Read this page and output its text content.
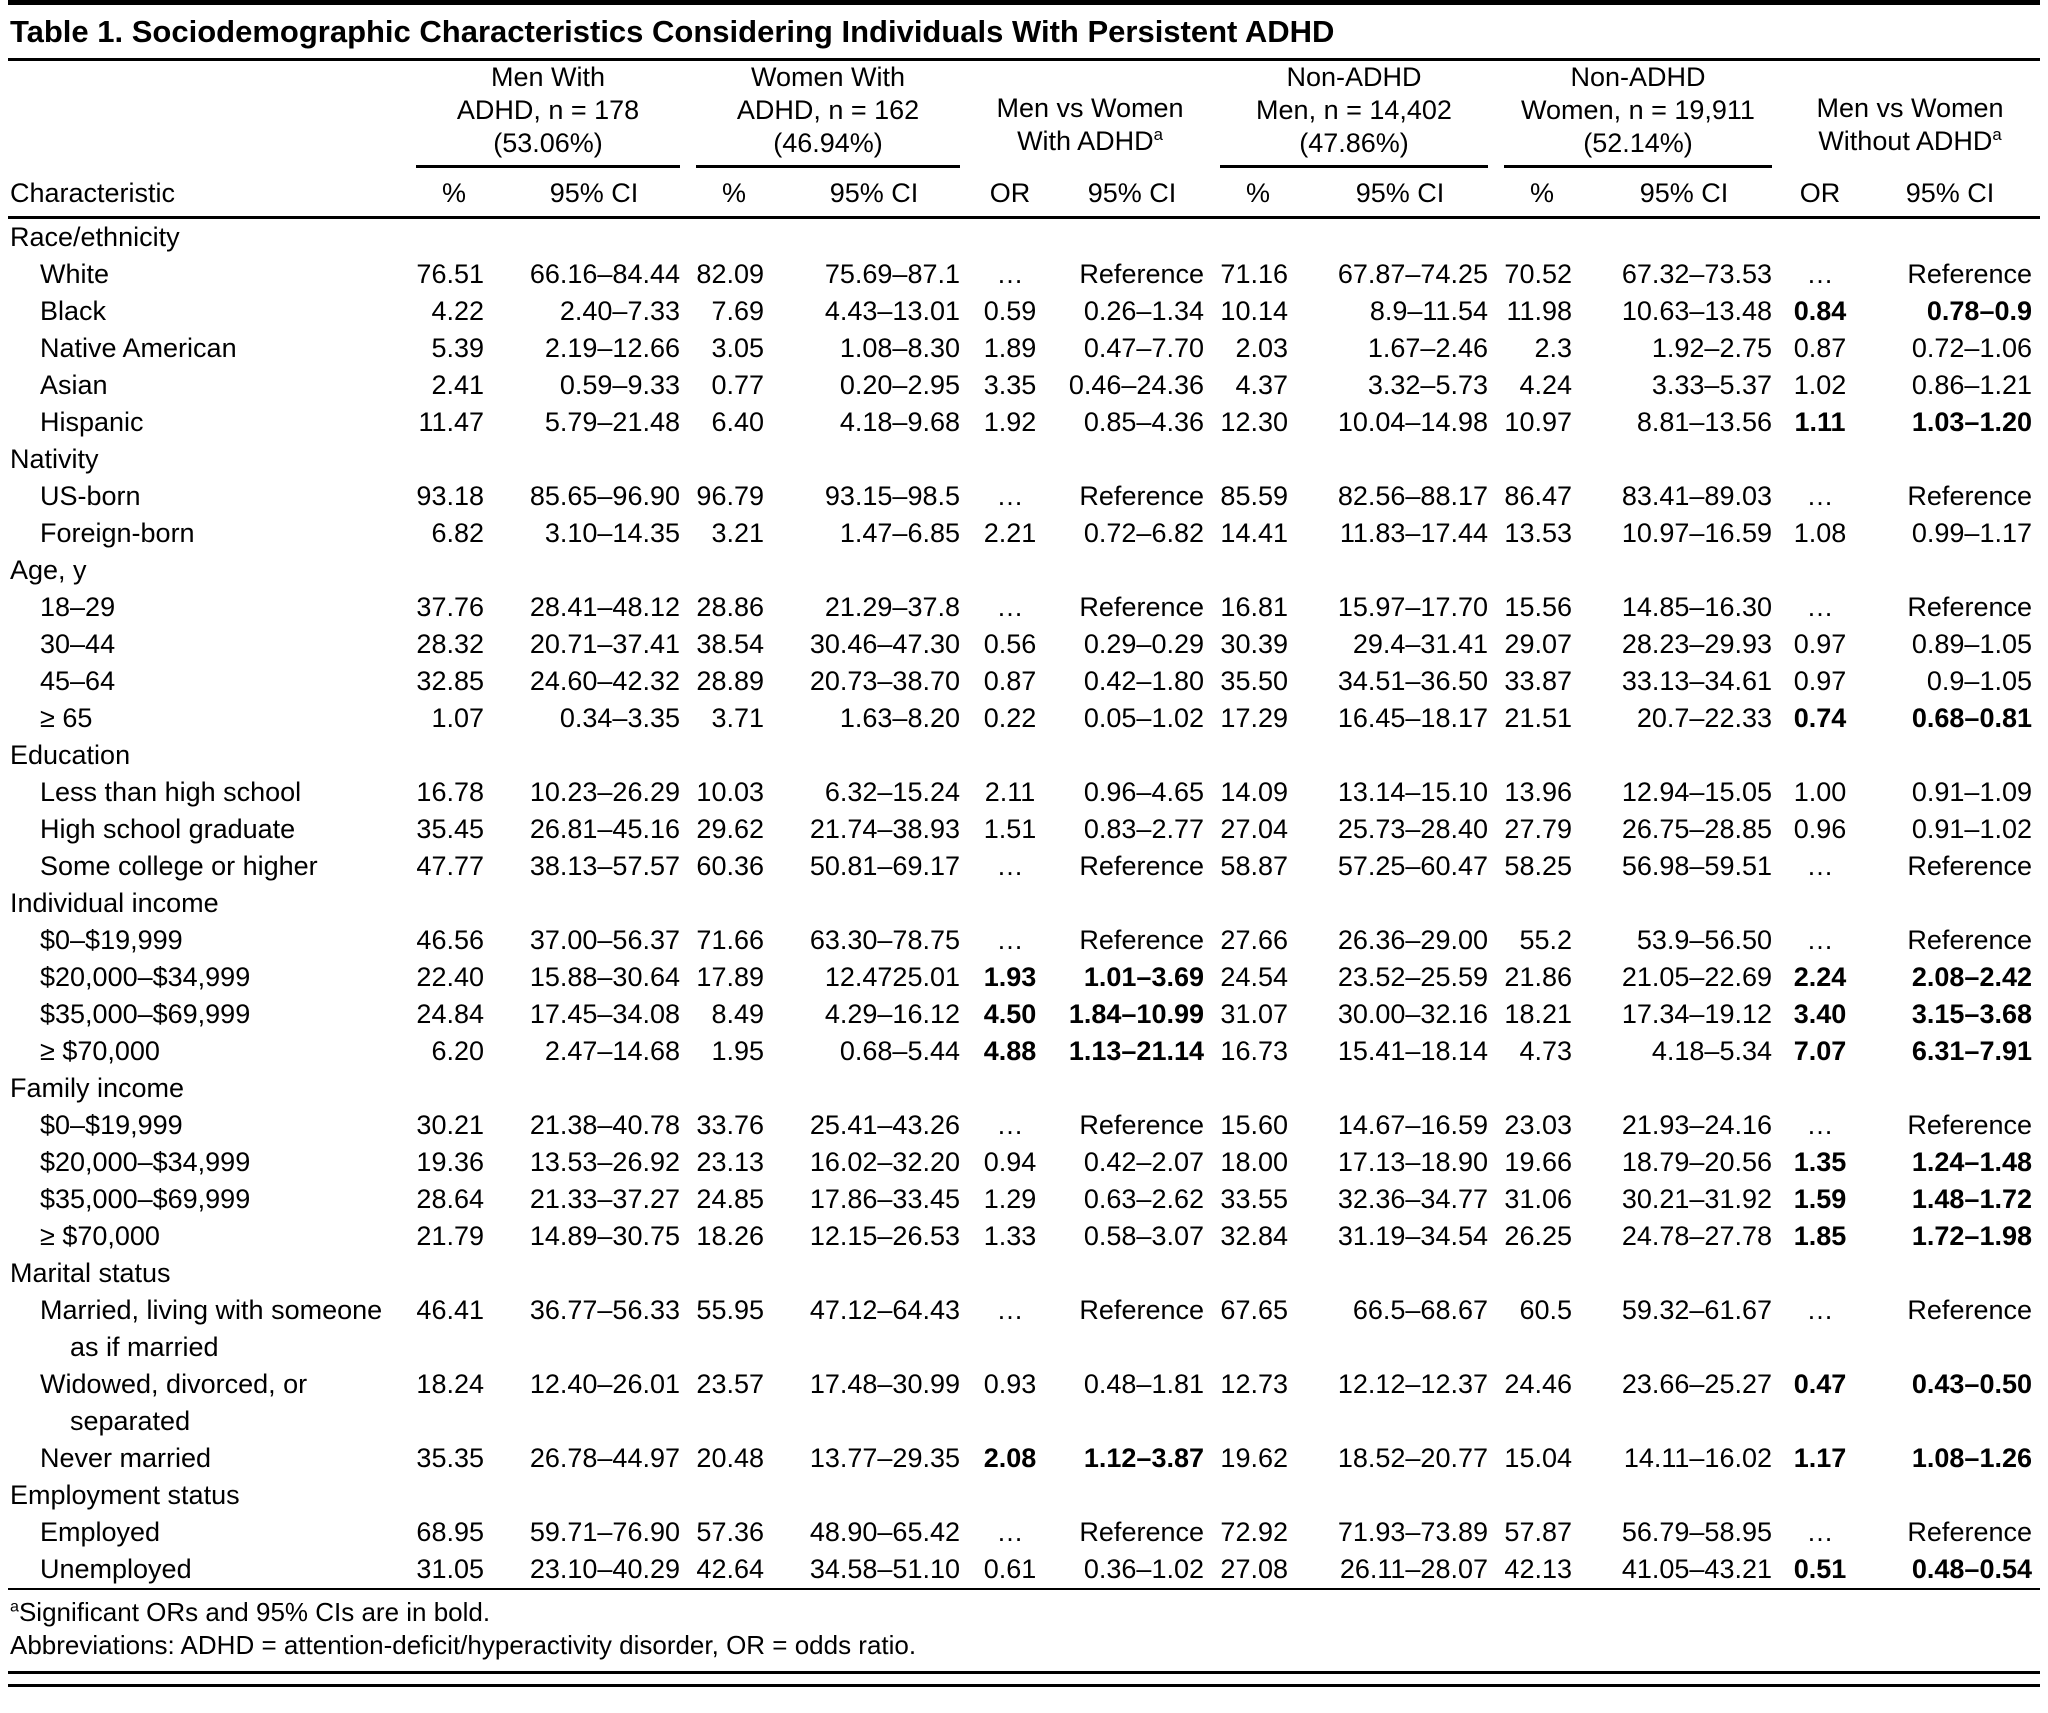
Table 1. Sociodemographic Characteristics Considering Individuals With Persistent ADHD

Men With
ADHD, n = 178
(53.06%)

Women With
ADHD, n = 162
(46.94%)

Men vs Women
With ADHD$^a$

Non-ADHD
Men, n = 14,402
(47.86%)

Non-ADHD
Women, n = 19,911
(52.14%)

Men vs Women
Without ADHD$^a$

Characteristic	%	95% CI	%	95% CI	OR	95% CI	%	95% CI	%	95% CI	OR	95% CI
Race/ethnicity												
White	76.51	66.16–84.44	82.09	75.69–87.1	…	Reference	71.16	67.87–74.25	70.52	67.32–73.53	…	Reference
Black	4.22	2.40–7.33	7.69	4.43–13.01	0.59	0.26–1.34	10.14	8.9–11.54	11.98	10.63–13.48	0.84	0.78–0.9
Native American	5.39	2.19–12.66	3.05	1.08–8.30	1.89	0.47–7.70	2.03	1.67–2.46	2.3	1.92–2.75	0.87	0.72–1.06
Asian	2.41	0.59–9.33	0.77	0.20–2.95	3.35	0.46–24.36	4.37	3.32–5.73	4.24	3.33–5.37	1.02	0.86–1.21
Hispanic	11.47	5.79–21.48	6.40	4.18–9.68	1.92	0.85–4.36	12.30	10.04–14.98	10.97	8.81–13.56	1.11	1.03–1.20
Nativity												
US-born	93.18	85.65–96.90	96.79	93.15–98.5	…	Reference	85.59	82.56–88.17	86.47	83.41–89.03	…	Reference
Foreign-born	6.82	3.10–14.35	3.21	1.47–6.85	2.21	0.72–6.82	14.41	11.83–17.44	13.53	10.97–16.59	1.08	0.99–1.17
Age, y												
18–29	37.76	28.41–48.12	28.86	21.29–37.8	…	Reference	16.81	15.97–17.70	15.56	14.85–16.30	…	Reference
30–44	28.32	20.71–37.41	38.54	30.46–47.30	0.56	0.29–0.29	30.39	29.4–31.41	29.07	28.23–29.93	0.97	0.89–1.05
45–64	32.85	24.60–42.32	28.89	20.73–38.70	0.87	0.42–1.80	35.50	34.51–36.50	33.87	33.13–34.61	0.97	0.9–1.05
≥ 65	1.07	0.34–3.35	3.71	1.63–8.20	0.22	0.05–1.02	17.29	16.45–18.17	21.51	20.7–22.33	0.74	0.68–0.81
Education												
Less than high school	16.78	10.23–26.29	10.03	6.32–15.24	2.11	0.96–4.65	14.09	13.14–15.10	13.96	12.94–15.05	1.00	0.91–1.09
High school graduate	35.45	26.81–45.16	29.62	21.74–38.93	1.51	0.83–2.77	27.04	25.73–28.40	27.79	26.75–28.85	0.96	0.91–1.02
Some college or higher	47.77	38.13–57.57	60.36	50.81–69.17	…	Reference	58.87	57.25–60.47	58.25	56.98–59.51	…	Reference
Individual income												
$0–$19,999	46.56	37.00–56.37	71.66	63.30–78.75	…	Reference	27.66	26.36–29.00	55.2	53.9–56.50	…	Reference
$20,000–$34,999	22.40	15.88–30.64	17.89	12.4725.01	1.93	1.01–3.69	24.54	23.52–25.59	21.86	21.05–22.69	2.24	2.08–2.42
$35,000–$69,999	24.84	17.45–34.08	8.49	4.29–16.12	4.50	1.84–10.99	31.07	30.00–32.16	18.21	17.34–19.12	3.40	3.15–3.68
≥ $70,000	6.20	2.47–14.68	1.95	0.68–5.44	4.88	1.13–21.14	16.73	15.41–18.14	4.73	4.18–5.34	7.07	6.31–7.91
Family income												
$0–$19,999	30.21	21.38–40.78	33.76	25.41–43.26	…	Reference	15.60	14.67–16.59	23.03	21.93–24.16	…	Reference
$20,000–$34,999	19.36	13.53–26.92	23.13	16.02–32.20	0.94	0.42–2.07	18.00	17.13–18.90	19.66	18.79–20.56	1.35	1.24–1.48
$35,000–$69,999	28.64	21.33–37.27	24.85	17.86–33.45	1.29	0.63–2.62	33.55	32.36–34.77	31.06	30.21–31.92	1.59	1.48–1.72
≥ $70,000	21.79	14.89–30.75	18.26	12.15–26.53	1.33	0.58–3.07	32.84	31.19–34.54	26.25	24.78–27.78	1.85	1.72–1.98
Marital status												
Married, living with someone as if married	46.41	36.77–56.33	55.95	47.12–64.43	…	Reference	67.65	66.5–68.67	60.5	59.32–61.67	…	Reference
Widowed, divorced, or separated	18.24	12.40–26.01	23.57	17.48–30.99	0.93	0.48–1.81	12.73	12.12–12.37	24.46	23.66–25.27	0.47	0.43–0.50
Never married	35.35	26.78–44.97	20.48	13.77–29.35	2.08	1.12–3.87	19.62	18.52–20.77	15.04	14.11–16.02	1.17	1.08–1.26
Employment status												
Employed	68.95	59.71–76.90	57.36	48.90–65.42	…	Reference	72.92	71.93–73.89	57.87	56.79–58.95	…	Reference
Unemployed	31.05	23.10–40.29	42.64	34.58–51.10	0.61	0.36–1.02	27.08	26.11–28.07	42.13	41.05–43.21	0.51	0.48–0.54
$^a$Significant ORs and 95% CIs are in bold.
Abbreviations: ADHD = attention-deficit/hyperactivity disorder, OR = odds ratio.
